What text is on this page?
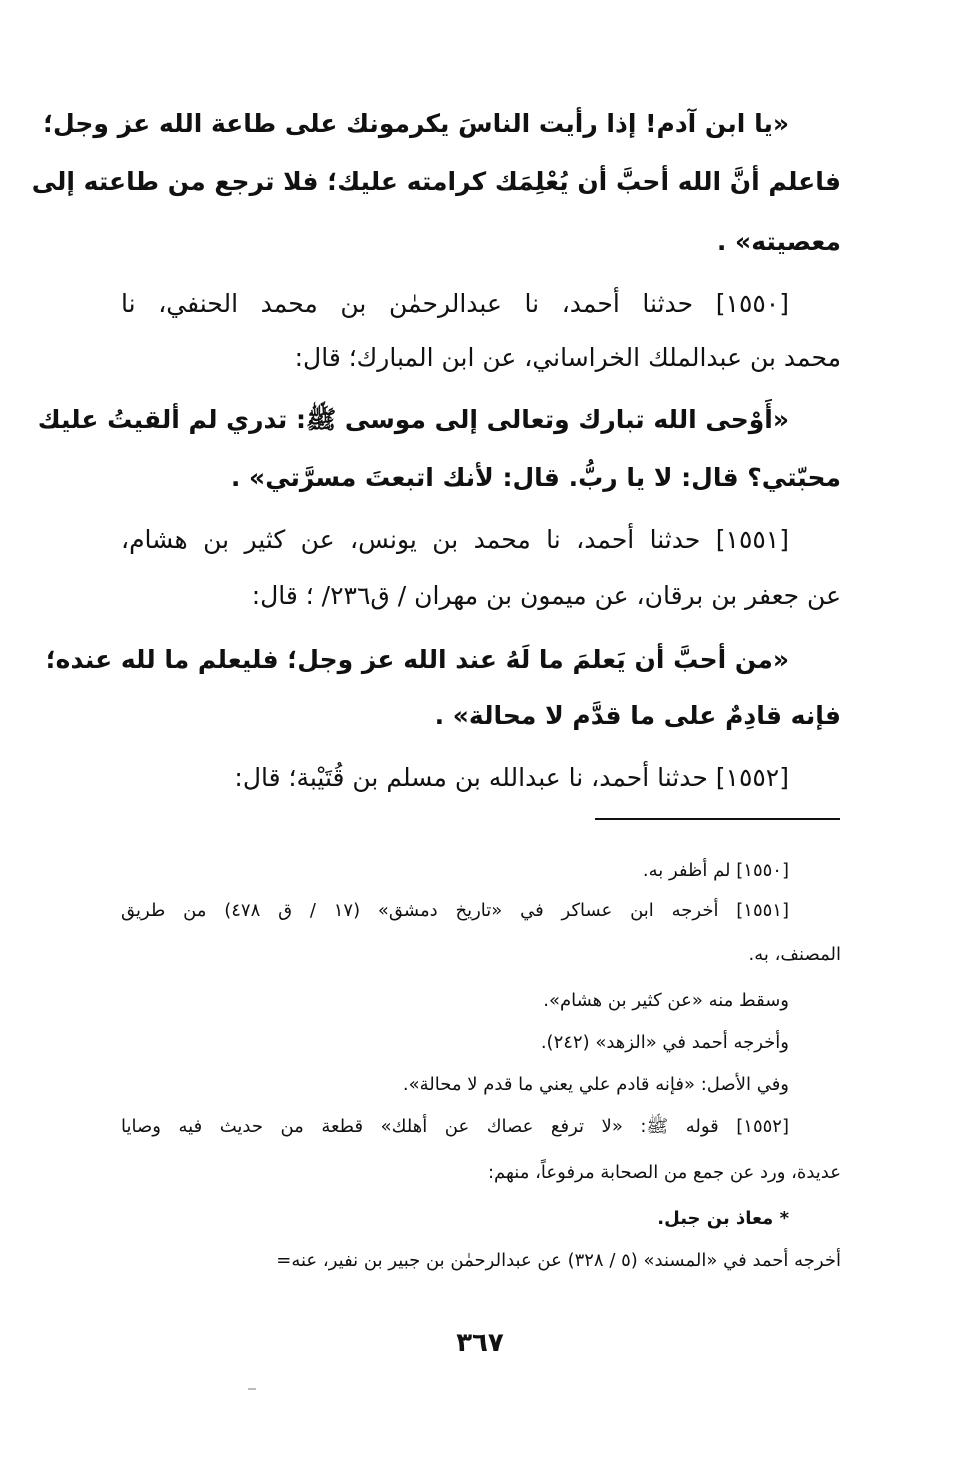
«يا ابن آدم! إذا رأيت الناسَ يكرمونك على طاعة الله عز وجل؛
فاعلم أنَّ الله أحبَّ أن يُعْلِمَك كرامته عليك؛ فلا ترجع من طاعته إلى
معصيته» .
[١٥٥٠] حدثنا أحمد، نا عبدالرحمٰن بن محمد الحنفي، نا
محمد بن عبدالملك الخراساني، عن ابن المبارك؛ قال:
«أَوْحى الله تبارك وتعالى إلى موسى ﷺ: تدري لم ألقيتُ عليك
محبّتي؟ قال: لا يا ربُّ. قال: لأنك اتبعتَ مسرَّتي» .
[١٥٥١] حدثنا أحمد، نا محمد بن يونس، عن كثير بن هشام،
عن جعفر بن برقان، عن ميمون بن مهران / ق٢٣٦/ ؛ قال:
«من أحبَّ أن يَعلمَ ما لَهُ عند الله عز وجل؛ فليعلم ما لله عنده؛
فإنه قادِمٌ على ما قدَّم لا محالة» .
[١٥٥٢] حدثنا أحمد، نا عبدالله بن مسلم بن قُتَيْبة؛ قال:
[١٥٥٠] لم أظفر به.
[١٥٥١] أخرجه ابن عساكر في «تاريخ دمشق» (١٧ / ق ٤٧٨) من طريق
المصنف، به.
وسقط منه «عن كثير بن هشام».
وأخرجه أحمد في «الزهد» (٢٤٢).
وفي الأصل: «فإنه قادم علي يعني ما قدم لا محالة».
[١٥٥٢] قوله ﷺ: «لا ترفع عصاك عن أهلك» قطعة من حديث فيه وصايا
عديدة، ورد عن جمع من الصحابة مرفوعاً، منهم:
* معاذ بن جبل.
أخرجه أحمد في «المسند» (٥ / ٣٢٨) عن عبدالرحمٰن بن جبير بن نفير، عنه=
٣٦٧
